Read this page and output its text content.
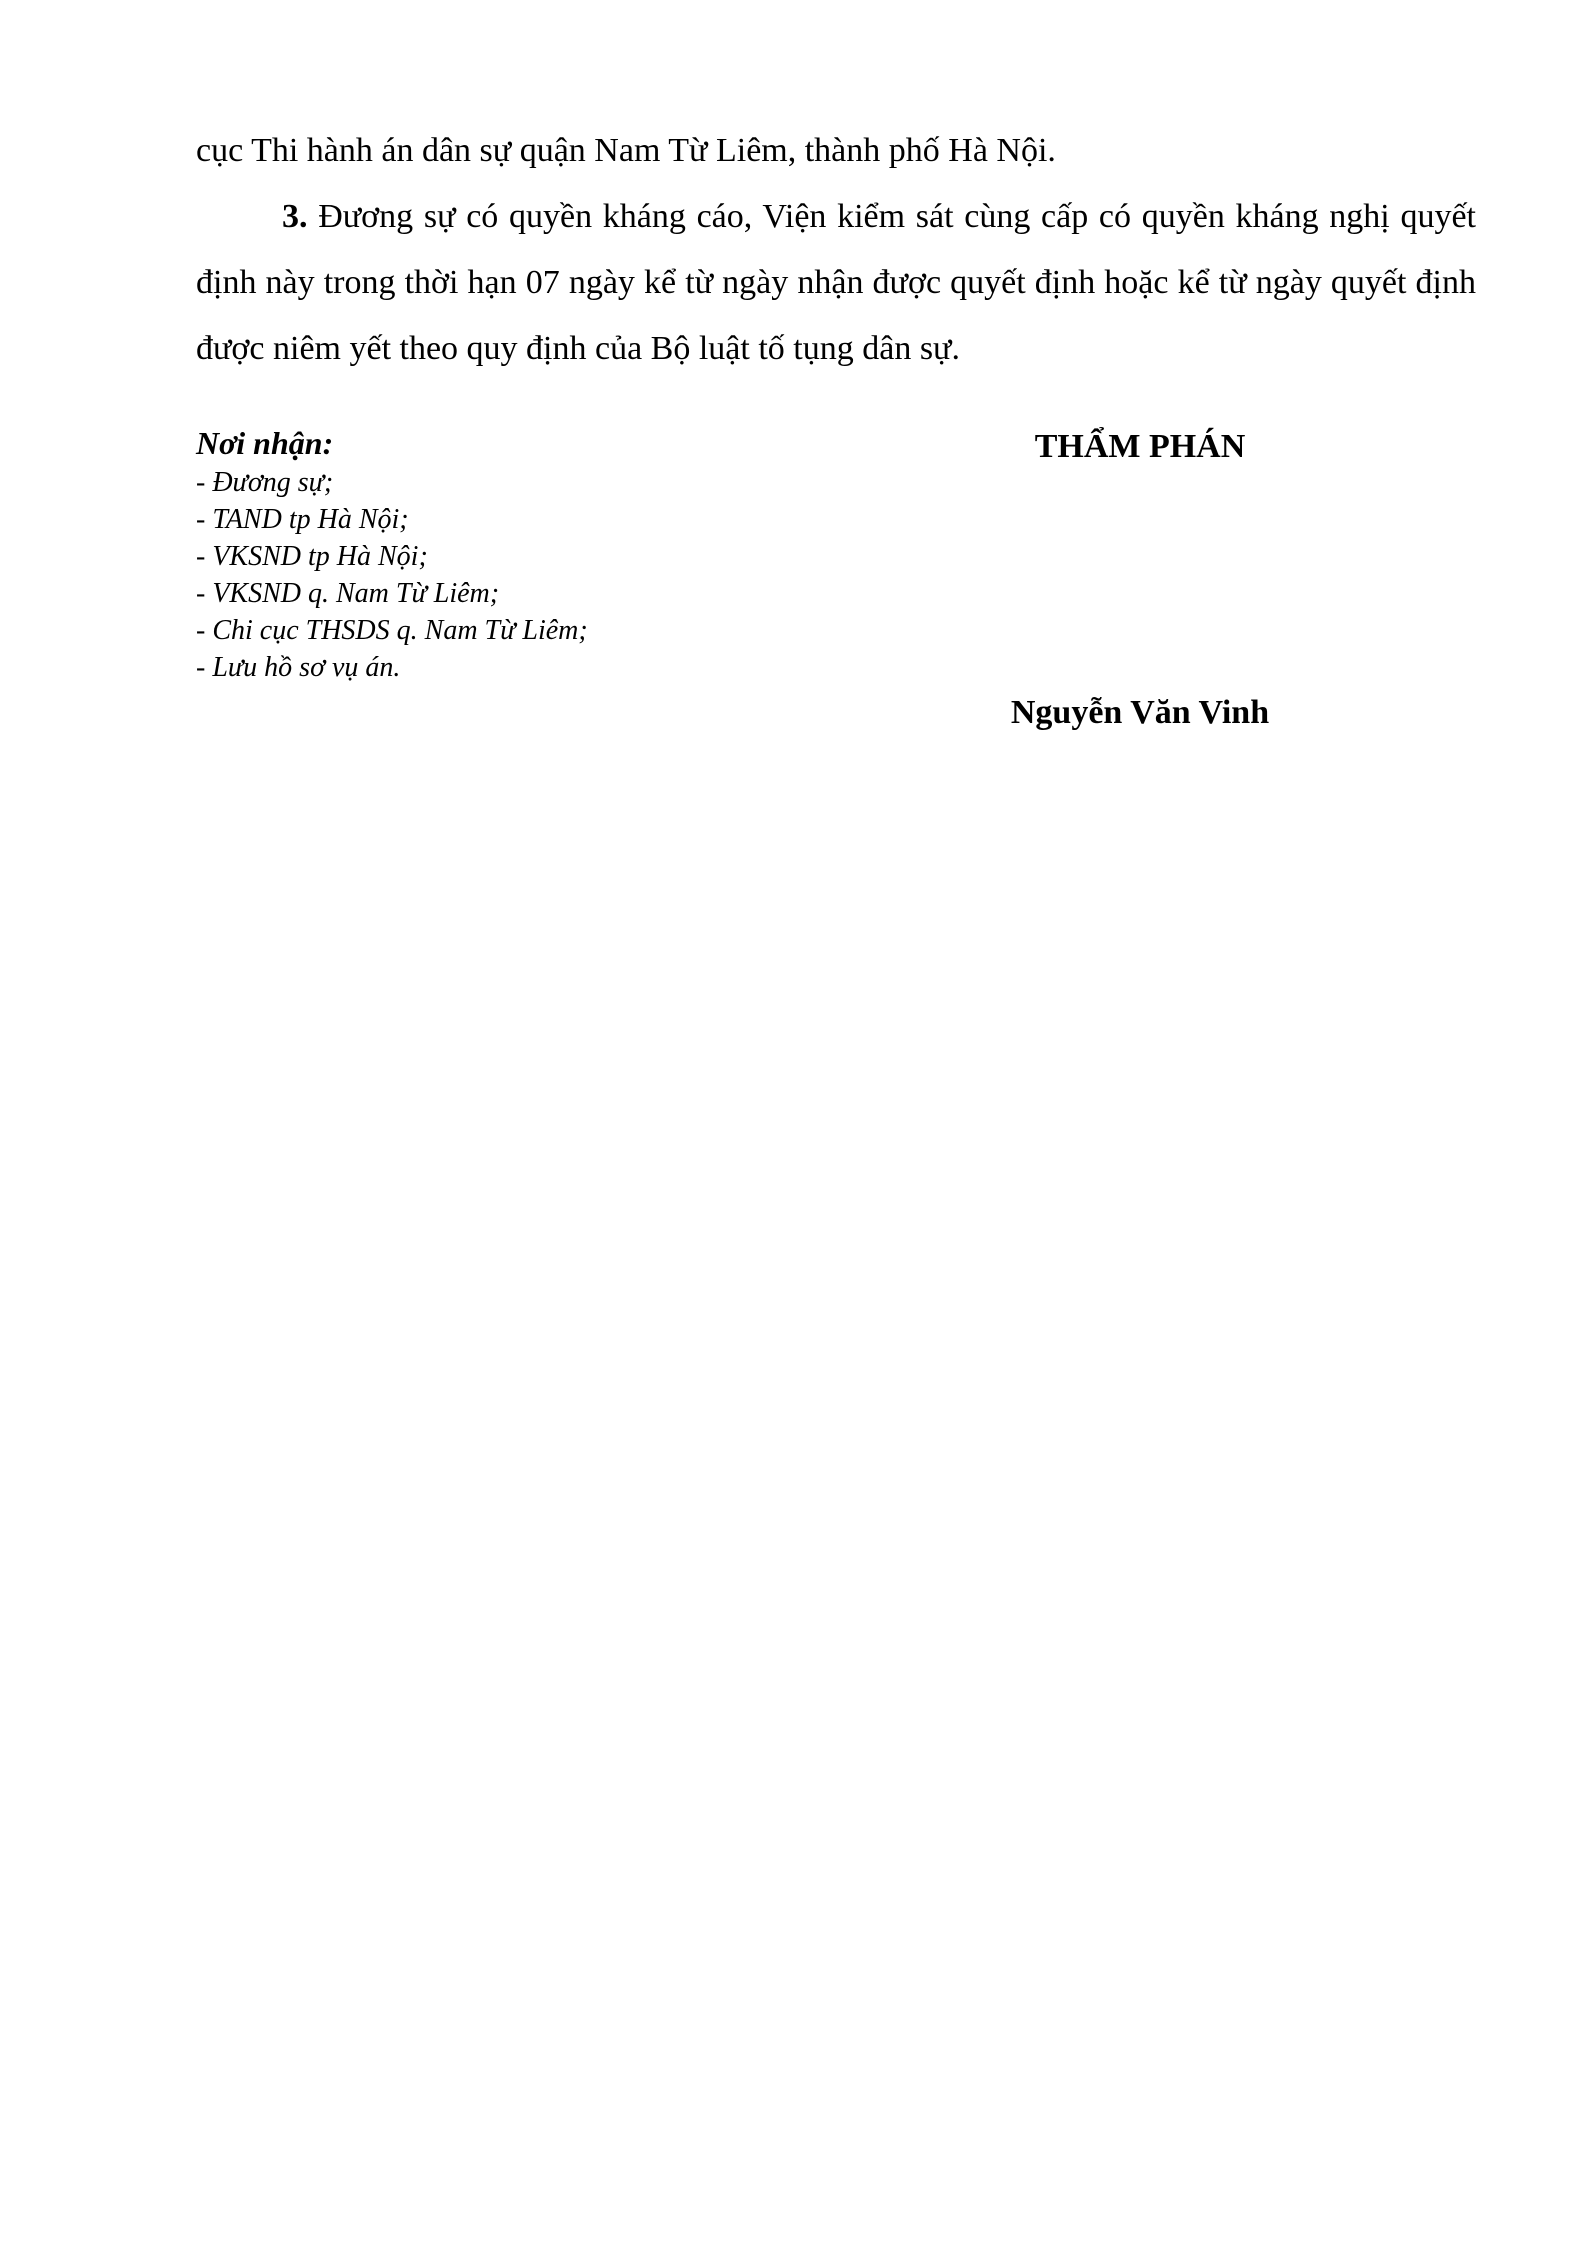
cục Thi hành án dân sự quận Nam Từ Liêm, thành phố Hà Nội.

3. Đương sự có quyền kháng cáo, Viện kiểm sát cùng cấp có quyền kháng nghị quyết định này trong thời hạn 07 ngày kể từ ngày nhận được quyết định hoặc kể từ ngày quyết định được niêm yết theo quy định của Bộ luật tố tụng dân sự.

Nơi nhận:

- Đương sự;
- TAND tp Hà Nội;
- VKSND tp Hà Nội;
- VKSND q. Nam Từ Liêm;
- Chi cục THSDS q. Nam Từ Liêm;
- Lưu hồ sơ vụ án.

THẨM PHÁN

Nguyễn Văn Vinh
